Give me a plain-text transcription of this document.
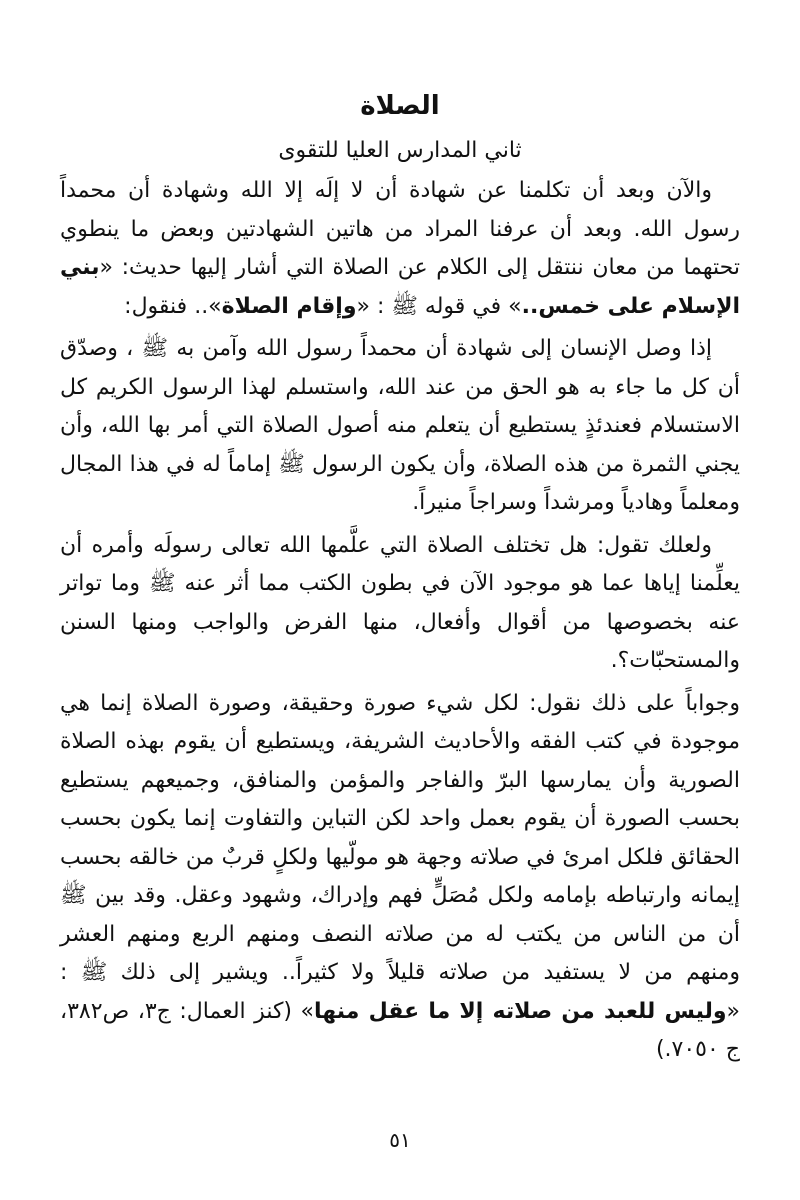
الصلاة
ثاني المدارس العليا للتقوى

والآن وبعد أن تكلمنا عن شهادة أن لا إلَه إلا الله وشهادة أن محمداً رسول الله. وبعد أن عرفنا المراد من هاتين الشهادتين وبعض ما ينطوي تحتهما من معان ننتقل إلى الكلام عن الصلاة التي أشار إليها حديث: «بني الإسلام على خمس..» في قوله ﷺ : «وإقام الصلاة».. فنقول:

إذا وصل الإنسان إلى شهادة أن محمداً رسول الله وآمن به ﷺ ، وصدّق أن كل ما جاء به هو الحق من عند الله، واستسلم لهذا الرسول الكريم كل الاستسلام فعندئذٍ يستطيع أن يتعلم منه أصول الصلاة التي أمر بها الله، وأن يجني الثمرة من هذه الصلاة، وأن يكون الرسول ﷺ إماماً له في هذا المجال ومعلماً وهادياً ومرشداً وسراجاً منيراً.

ولعلك تقول: هل تختلف الصلاة التي علَّمها الله تعالى رسولَه وأمره أن يعلِّمنا إياها عما هو موجود الآن في بطون الكتب مما أثر عنه ﷺ وما تواتر عنه بخصوصها من أقوال وأفعال، منها الفرض والواجب ومنها السنن والمستحبّات؟.

وجواباً على ذلك نقول: لكل شيء صورة وحقيقة، وصورة الصلاة إنما هي موجودة في كتب الفقه والأحاديث الشريفة، ويستطيع أن يقوم بهذه الصلاة الصورية وأن يمارسها البرّ والفاجر والمؤمن والمنافق، وجميعهم يستطيع بحسب الصورة أن يقوم بعمل واحد لكن التباين والتفاوت إنما يكون بحسب الحقائق فلكل امرئ في صلاته وجهة هو مولّيها ولكلٍ قربٌ من خالقه بحسب إيمانه وارتباطه بإمامه ولكل مُصَلٍّ فهم وإدراك، وشهود وعقل. وقد بين ﷺ أن من الناس من يكتب له من صلاته النصف ومنهم الربع ومنهم العشر ومنهم من لا يستفيد من صلاته قليلاً ولا كثيراً.. ويشير إلى ذلك ﷺ : «وليس للعبد من صلاته إلا ما عقل منها» (كنز العمال: ج٣، ص٣٨٢، ج ٧٠٥٠.)

٥١
